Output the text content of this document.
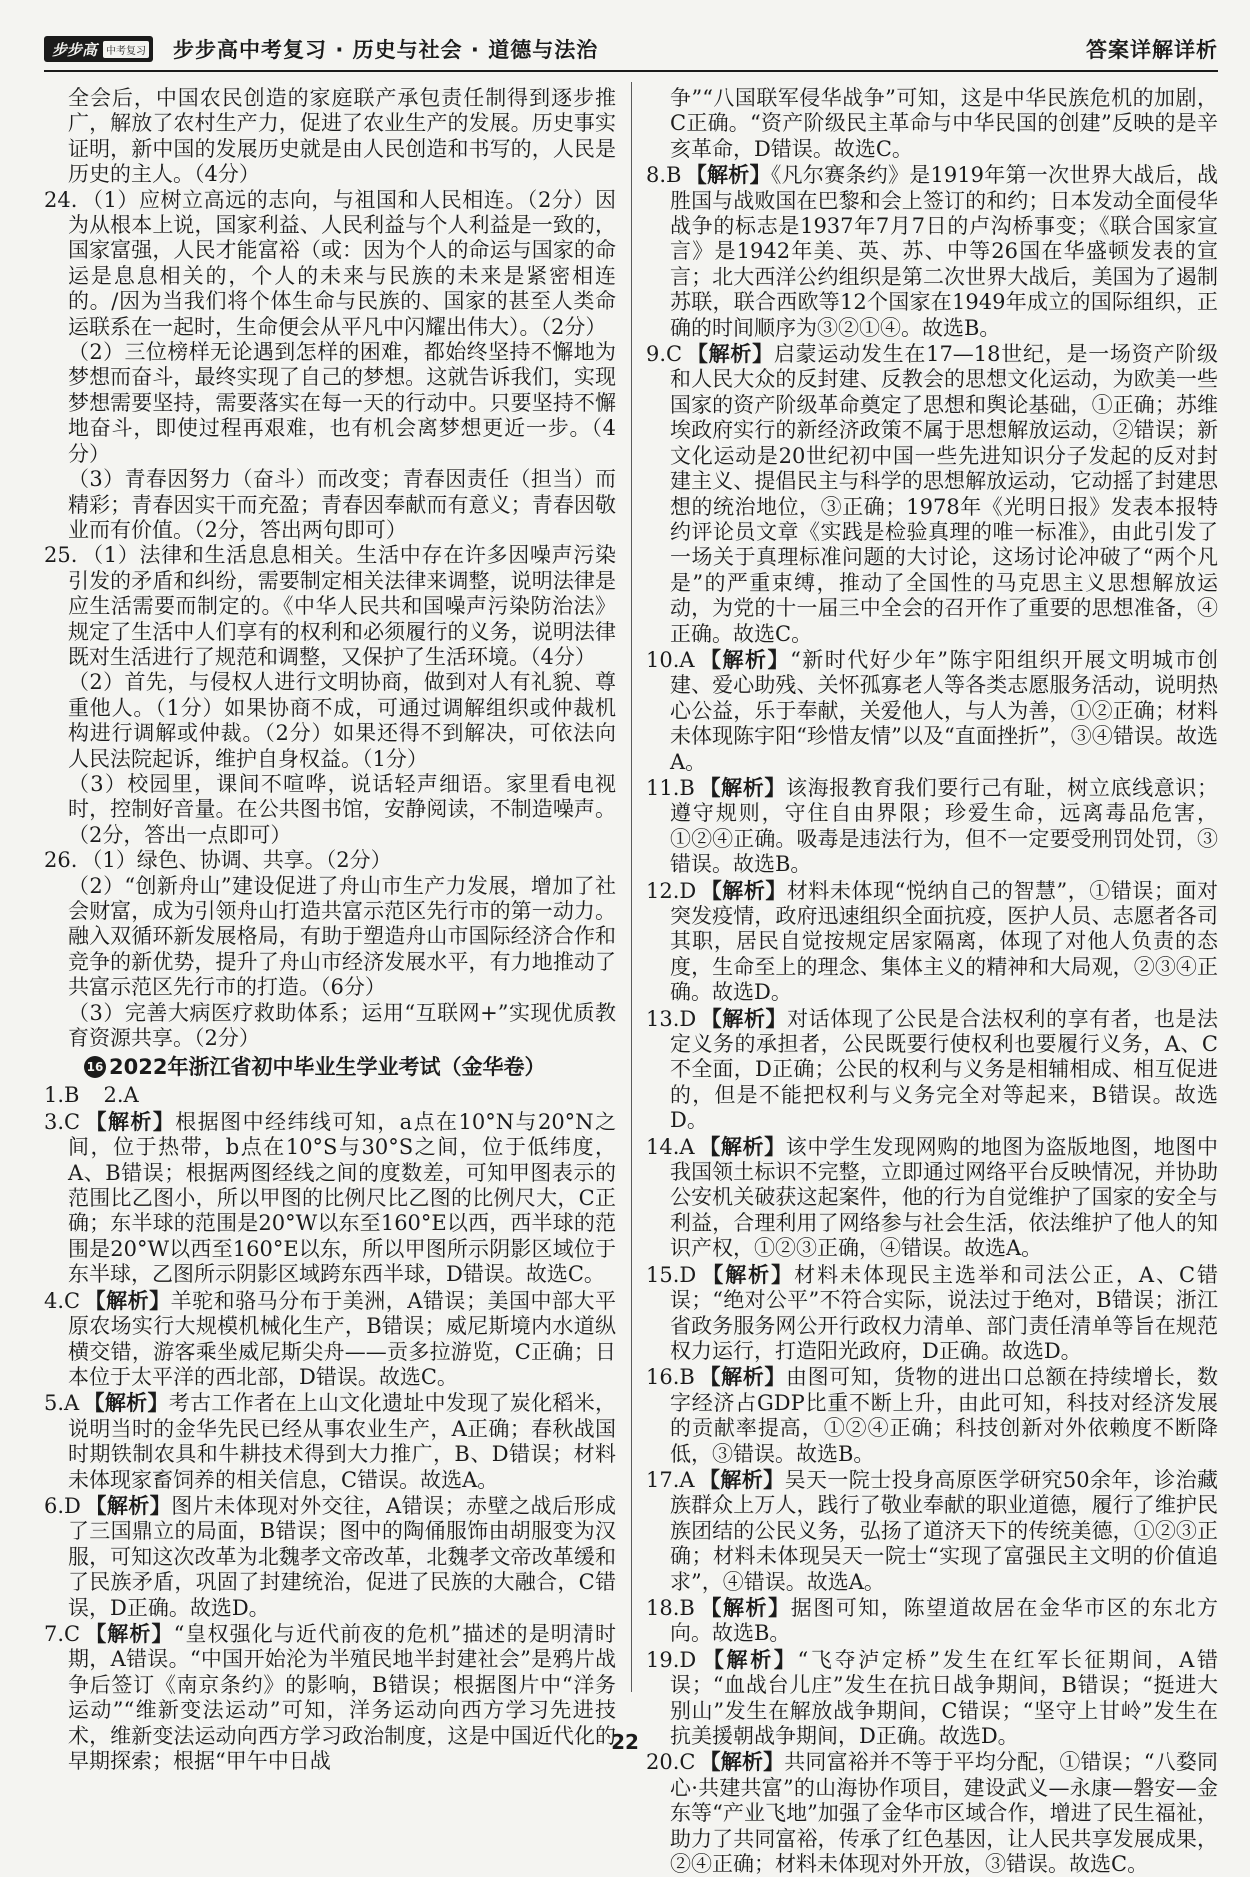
步步高 中考复习 步步高中考复习 · 历史与社会 · 道德与法治	答案详解详析

全会后，中国农民创造的家庭联产承包责任制得到逐步推广，解放了农村生产力，促进了农业生产的发展。历史事实证明，新中国的发展历史就是由人民创造和书写的，人民是历史的主人。（4分）

24. （1）应树立高远的志向，与祖国和人民相连。（2分）因为从根本上说，国家利益、人民利益与个人利益是一致的，国家富强，人民才能富裕（或：因为个人的命运与国家的命运是息息相关的，个人的未来与民族的未来是紧密相连的。/因为当我们将个体生命与民族的、国家的甚至人类命运联系在一起时，生命便会从平凡中闪耀出伟大）。（2分）

（2）三位榜样无论遇到怎样的困难，都始终坚持不懈地为梦想而奋斗，最终实现了自己的梦想。这就告诉我们，实现梦想需要坚持，需要落实在每一天的行动中。只要坚持不懈地奋斗，即使过程再艰难，也有机会离梦想更近一步。（4分）

（3）青春因努力（奋斗）而改变；青春因责任（担当）而精彩；青春因实干而充盈；青春因奉献而有意义；青春因敬业而有价值。（2分，答出两句即可）

25. （1）法律和生活息息相关。生活中存在许多因噪声污染引发的矛盾和纠纷，需要制定相关法律来调整，说明法律是应生活需要而制定的。《中华人民共和国噪声污染防治法》规定了生活中人们享有的权利和必须履行的义务，说明法律既对生活进行了规范和调整，又保护了生活环境。（4分）

（2）首先，与侵权人进行文明协商，做到对人有礼貌、尊重他人。（1分）如果协商不成，可通过调解组织或仲裁机构进行调解或仲裁。（2分）如果还得不到解决，可依法向人民法院起诉，维护自身权益。（1分）

（3）校园里，课间不喧哗，说话轻声细语。家里看电视时，控制好音量。在公共图书馆，安静阅读，不制造噪声。（2分，答出一点即可）

26. （1）绿色、协调、共享。（2分）

（2）“创新舟山”建设促进了舟山市生产力发展，增加了社会财富，成为引领舟山打造共富示范区先行市的第一动力。融入双循环新发展格局，有助于塑造舟山市国际经济合作和竞争的新优势，提升了舟山市经济发展水平，有力地推动了共富示范区先行市的打造。（6分）

（3）完善大病医疗救助体系；运用“互联网+”实现优质教育资源共享。（2分）

16 2022年浙江省初中毕业生学业考试（金华卷）

1.B 2.A

3.C 【解析】根据图中经纬线可知，a点在10°N与20°N之间，位于热带，b点在10°S与30°S之间，位于低纬度，A、B错误；根据两图经线之间的度数差，可知甲图表示的范围比乙图小，所以甲图的比例尺比乙图的比例尺大，C正确；东半球的范围是20°W以东至160°E以西，西半球的范围是20°W以西至160°E以东，所以甲图所示阴影区域位于东半球，乙图所示阴影区域跨东西半球，D错误。故选C。

4.C 【解析】羊驼和骆马分布于美洲，A错误；美国中部大平原农场实行大规模机械化生产，B错误；威尼斯境内水道纵横交错，游客乘坐威尼斯尖舟——贡多拉游览，C正确；日本位于太平洋的西北部，D错误。故选C。

5.A 【解析】考古工作者在上山文化遗址中发现了炭化稻米，说明当时的金华先民已经从事农业生产，A正确；春秋战国时期铁制农具和牛耕技术得到大力推广，B、D错误；材料未体现家畜饲养的相关信息，C错误。故选A。

6.D 【解析】图片未体现对外交往，A错误；赤壁之战后形成了三国鼎立的局面，B错误；图中的陶俑服饰由胡服变为汉服，可知这次改革为北魏孝文帝改革，北魏孝文帝改革缓和了民族矛盾，巩固了封建统治，促进了民族的大融合，C错误，D正确。故选D。

7.C 【解析】“皇权强化与近代前夜的危机”描述的是明清时期，A错误。“中国开始沦为半殖民地半封建社会”是鸦片战争后签订《南京条约》的影响，B错误；根据图片中“洋务运动”“维新变法运动”可知，洋务运动向西方学习先进技术，维新变法运动向西方学习政治制度，这是中国近代化的早期探索；根据“甲午中日战

争”“八国联军侵华战争”可知，这是中华民族危机的加剧，C正确。“资产阶级民主革命与中华民国的创建”反映的是辛亥革命，D错误。故选C。

8.B 【解析】《凡尔赛条约》是1919年第一次世界大战后，战胜国与战败国在巴黎和会上签订的和约；日本发动全面侵华战争的标志是1937年7月7日的卢沟桥事变；《联合国家宣言》是1942年美、英、苏、中等26国在华盛顿发表的宣言；北大西洋公约组织是第二次世界大战后，美国为了遏制苏联，联合西欧等12个国家在1949年成立的国际组织，正确的时间顺序为③②①④。故选B。

9.C 【解析】启蒙运动发生在17—18世纪，是一场资产阶级和人民大众的反封建、反教会的思想文化运动，为欧美一些国家的资产阶级革命奠定了思想和舆论基础，①正确；苏维埃政府实行的新经济政策不属于思想解放运动，②错误；新文化运动是20世纪初中国一些先进知识分子发起的反对封建主义、提倡民主与科学的思想解放运动，它动摇了封建思想的统治地位，③正确；1978年《光明日报》发表本报特约评论员文章《实践是检验真理的唯一标准》，由此引发了一场关于真理标准问题的大讨论，这场讨论冲破了“两个凡是”的严重束缚，推动了全国性的马克思主义思想解放运动，为党的十一届三中全会的召开作了重要的思想准备，④正确。故选C。

10.A 【解析】“新时代好少年”陈宇阳组织开展文明城市创建、爱心助残、关怀孤寡老人等各类志愿服务活动，说明热心公益，乐于奉献，关爱他人，与人为善，①②正确；材料未体现陈宇阳“珍惜友情”以及“直面挫折”，③④错误。故选A。

11.B 【解析】该海报教育我们要行己有耻，树立底线意识；遵守规则，守住自由界限；珍爱生命，远离毒品危害，①②④正确。吸毒是违法行为，但不一定要受刑罚处罚，③错误。故选B。

12.D 【解析】材料未体现“悦纳自己的智慧”，①错误；面对突发疫情，政府迅速组织全面抗疫，医护人员、志愿者各司其职，居民自觉按规定居家隔离，体现了对他人负责的态度，生命至上的理念、集体主义的精神和大局观，②③④正确。故选D。

13.D 【解析】对话体现了公民是合法权利的享有者，也是法定义务的承担者，公民既要行使权利也要履行义务，A、C不全面，D正确；公民的权利与义务是相辅相成、相互促进的，但是不能把权利与义务完全对等起来，B错误。故选D。

14.A 【解析】该中学生发现网购的地图为盗版地图，地图中我国领土标识不完整，立即通过网络平台反映情况，并协助公安机关破获这起案件，他的行为自觉维护了国家的安全与利益，合理利用了网络参与社会生活，依法维护了他人的知识产权，①②③正确，④错误。故选A。

15.D 【解析】材料未体现民主选举和司法公正，A、C错误；“绝对公平”不符合实际，说法过于绝对，B错误；浙江省政务服务网公开行政权力清单、部门责任清单等旨在规范权力运行，打造阳光政府，D正确。故选D。

16.B 【解析】由图可知，货物的进出口总额在持续增长，数字经济占GDP比重不断上升，由此可知，科技对经济发展的贡献率提高，①②④正确；科技创新对外依赖度不断降低，③错误。故选B。

17.A 【解析】吴天一院士投身高原医学研究50余年，诊治藏族群众上万人，践行了敬业奉献的职业道德，履行了维护民族团结的公民义务，弘扬了道济天下的传统美德，①②③正确；材料未体现吴天一院士“实现了富强民主文明的价值追求”，④错误。故选A。

18.B 【解析】据图可知，陈望道故居在金华市区的东北方向。故选B。

19.D 【解析】“飞夺泸定桥”发生在红军长征期间，A错误；“血战台儿庄”发生在抗日战争期间，B错误；“挺进大别山”发生在解放战争期间，C错误；“坚守上甘岭”发生在抗美援朝战争期间，D正确。故选D。

20.C 【解析】共同富裕并不等于平均分配，①错误；“八婺同心·共建共富”的山海协作项目，建设武义—永康—磐安—金东等“产业飞地”加强了金华市区域合作，增进了民生福祉，助力了共同富裕，传承了红色基因，让人民共享发展成果，②④正确；材料未体现对外开放，③错误。故选C。

22
